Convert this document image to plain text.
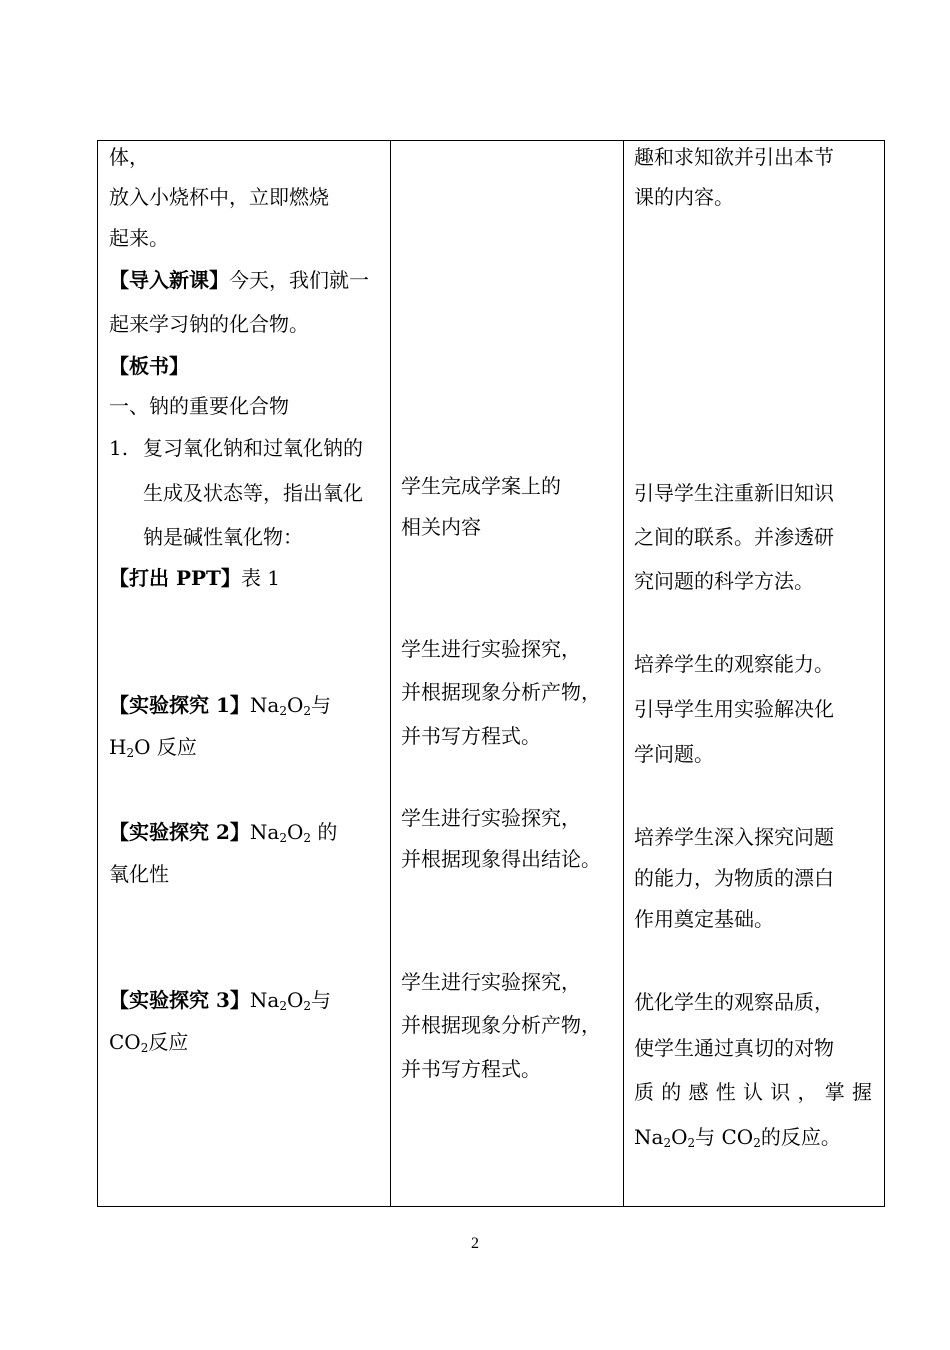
体，
放入小烧杯中，立即燃烧
起来。
【导入新课】今天，我们就一
起来学习钠的化合物。
【板书】
一、钠的重要化合物
1. 复习氧化钠和过氧化钠的
生成及状态等，指出氧化
钠是碱性氧化物：
【打出 PPT】表 1
【实验探究 1】$Na_2O_2$与
$H_2O$ 反应
【实验探究 2】$Na_2O_2$ 的
氧化性
【实验探究 3】$Na_2O_2$与
$CO_2$反应
学生完成学案上的
相关内容
学生进行实验探究，
并根据现象分析产物，
并书写方程式。
学生进行实验探究，
并根据现象得出结论。
学生进行实验探究，
并根据现象分析产物，
并书写方程式。
趣和求知欲并引出本节
课的内容。
引导学生注重新旧知识
之间的联系。并渗透研
究问题的科学方法。
培养学生的观察能力。
引导学生用实验解决化
学问题。
培养学生深入探究问题
的能力，为物质的漂白
作用奠定基础。
优化学生的观察品质，
使学生通过真切的对物
质的感性认识，掌握
$Na_2O_2$与 $CO_2$的反应。
2
